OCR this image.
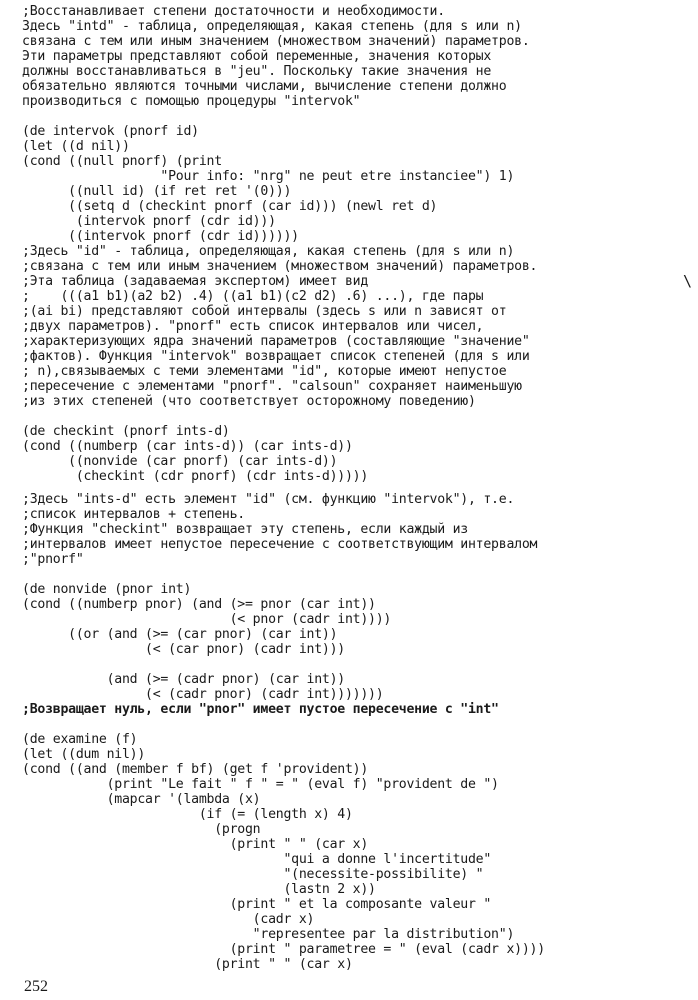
;Восстанавливает степени достаточности и необходимости.
Здесь "intd" - таблица, определяющая, какая степень (для s или n)
связана с тем или иным значением (множеством значений) параметров.
Эти параметры представляют собой переменные, значения которых
должны восстанавливаться в "jeu". Поскольку такие значения не
обязательно являются точными числами, вычисление степени должно
производиться с помощью процедуры "intervok"
(de intervok (pnorf id)
(let ((d nil))
(cond ((null pnorf) (print
"Pour info: "nrg" ne peut etre instanciee") 1)
((null id) (if ret ret '(0)))
((setq d (checkint pnorf (car id))) (newl ret d)
(intervok pnorf (cdr id)))
((intervok pnorf (cdr id))))))
;Здесь "id" - таблица, определяющая, какая степень (для s или n)
;связана с тем или иным значением (множеством значений) параметров.
;Эта таблица (задаваемая экспертом) имеет вид
;    (((a1 b1)(a2 b2) .4) ((a1 b1)(c2 d2) .6) ...), где пары
;(ai bi) представляют собой интервалы (здесь s или n зависят от
;двух параметров). "pnorf" есть список интервалов или чисел,
;характеризующих ядра значений параметров (составляющие "значение"
;фактов). Функция "intervok" возвращает список степеней (для s или
; n),связываемых с теми элементами "id", которые имеют непустое
;пересечение с элементами "pnorf". "calsoun" сохраняет наименьшую
;из этих степеней (что соответствует осторожному поведению)
(de checkint (pnorf ints-d)
(cond ((numberp (car ints-d)) (car ints-d))
((nonvide (car pnorf) (car ints-d))
(checkint (cdr pnorf) (cdr ints-d)))))
;Здесь "ints-d" есть элемент "id" (см. функцию "intervok"), т.е.
;список интервалов + степень.
;Функция "checkint" возвращает эту степень, если каждый из
;интервалов имеет непустое пересечение с соответствующим интервалом
;"pnorf"
(de nonvide (pnor int)
(cond ((numberp pnor) (and (>= pnor (car int))
(< pnor (cadr int))))
((or (and (>= (car pnor) (car int))
(< (car pnor) (cadr int)))
(and (>= (cadr pnor) (car int))
(< (cadr pnor) (cadr int)))))))
;Возвращает нуль, если "pnor" имеет пустое пересечение с "int"
(de examine (f)
(let ((dum nil))
(cond ((and (member f bf) (get f 'provident))
(print "Le fait " f " = " (eval f) "provident de ")
(mapcar '(lambda (x)
(if (= (length x) 4)
(progn
(print " " (car x)
"qui a donne l'incertitude"
"(necessite-possibilite) "
(lastn 2 x))
(print " et la composante valeur "
(cadr x)
"representee par la distribution")
(print " parametree = " (eval (cadr x))))
(print " " (car x)
\
252
